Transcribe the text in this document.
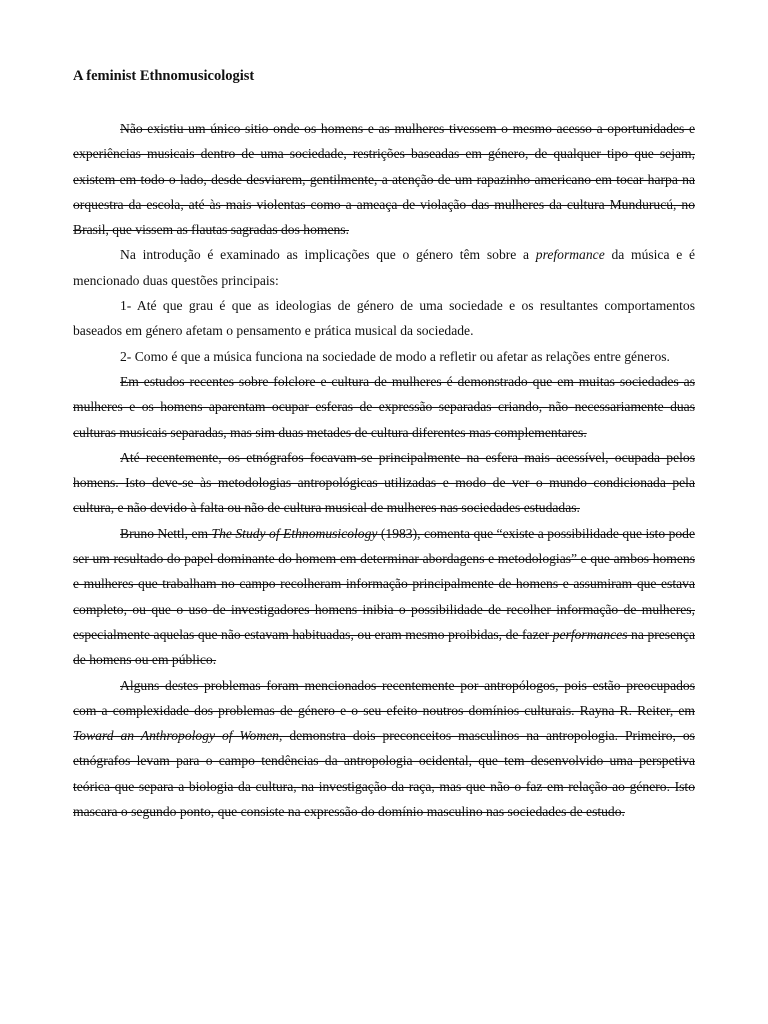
A feminist Ethnomusicologist

Não existiu um único sitio onde os homens e as mulheres tivessem o mesmo acesso a oportunidades e experiências musicais dentro de uma sociedade, restrições baseadas em género, de qualquer tipo que sejam, existem em todo o lado, desde desviarem, gentilmente, a atenção de um rapazinho americano em tocar harpa na orquestra da escola, até às mais violentas como a ameaça de violação das mulheres da cultura Mundurucú, no Brasil, que vissem as flautas sagradas dos homens.

Na introdução é examinado as implicações que o género têm sobre a preformance da música e é mencionado duas questões principais:

1- Até que grau é que as ideologias de género de uma sociedade e os resultantes comportamentos baseados em género afetam o pensamento e prática musical da sociedade.

2- Como é que a música funciona na sociedade de modo a refletir ou afetar as relações entre géneros.

Em estudos recentes sobre folclore e cultura de mulheres é demonstrado que em muitas sociedades as mulheres e os homens aparentam ocupar esferas de expressão separadas criando, não necessariamente duas culturas musicais separadas, mas sim duas metades de cultura diferentes mas complementares.

Até recentemente, os etnógrafos focavam-se principalmente na esfera mais acessível, ocupada pelos homens. Isto deve-se às metodologias antropológicas utilizadas e modo de ver o mundo condicionada pela cultura, e não devido à falta ou não de cultura musical de mulheres nas sociedades estudadas.

Bruno Nettl, em The Study of Ethnomusicology (1983), comenta que “existe a possibilidade que isto pode ser um resultado do papel dominante do homem em determinar abordagens e metodologias” e que ambos homens e mulheres que trabalham no campo recolheram informação principalmente de homens e assumiram que estava completo, ou que o uso de investigadores homens inibia o possibilidade de recolher informação de mulheres, especialmente aquelas que não estavam habituadas, ou eram mesmo proibidas, de fazer performances na presença de homens ou em público.

Alguns destes problemas foram mencionados recentemente por antropólogos, pois estão preocupados com a complexidade dos problemas de género e o seu efeito noutros domínios culturais. Rayna R. Reiter, em Toward an Anthropology of Women, demonstra dois preconceitos masculinos na antropologia. Primeiro, os etnógrafos levam para o campo tendências da antropologia ocidental, que tem desenvolvido uma perspetiva teórica que separa a biologia da cultura, na investigação da raça, mas que não o faz em relação ao género. Isto mascara o segundo ponto, que consiste na expressão do domínio masculino nas sociedades de estudo.
